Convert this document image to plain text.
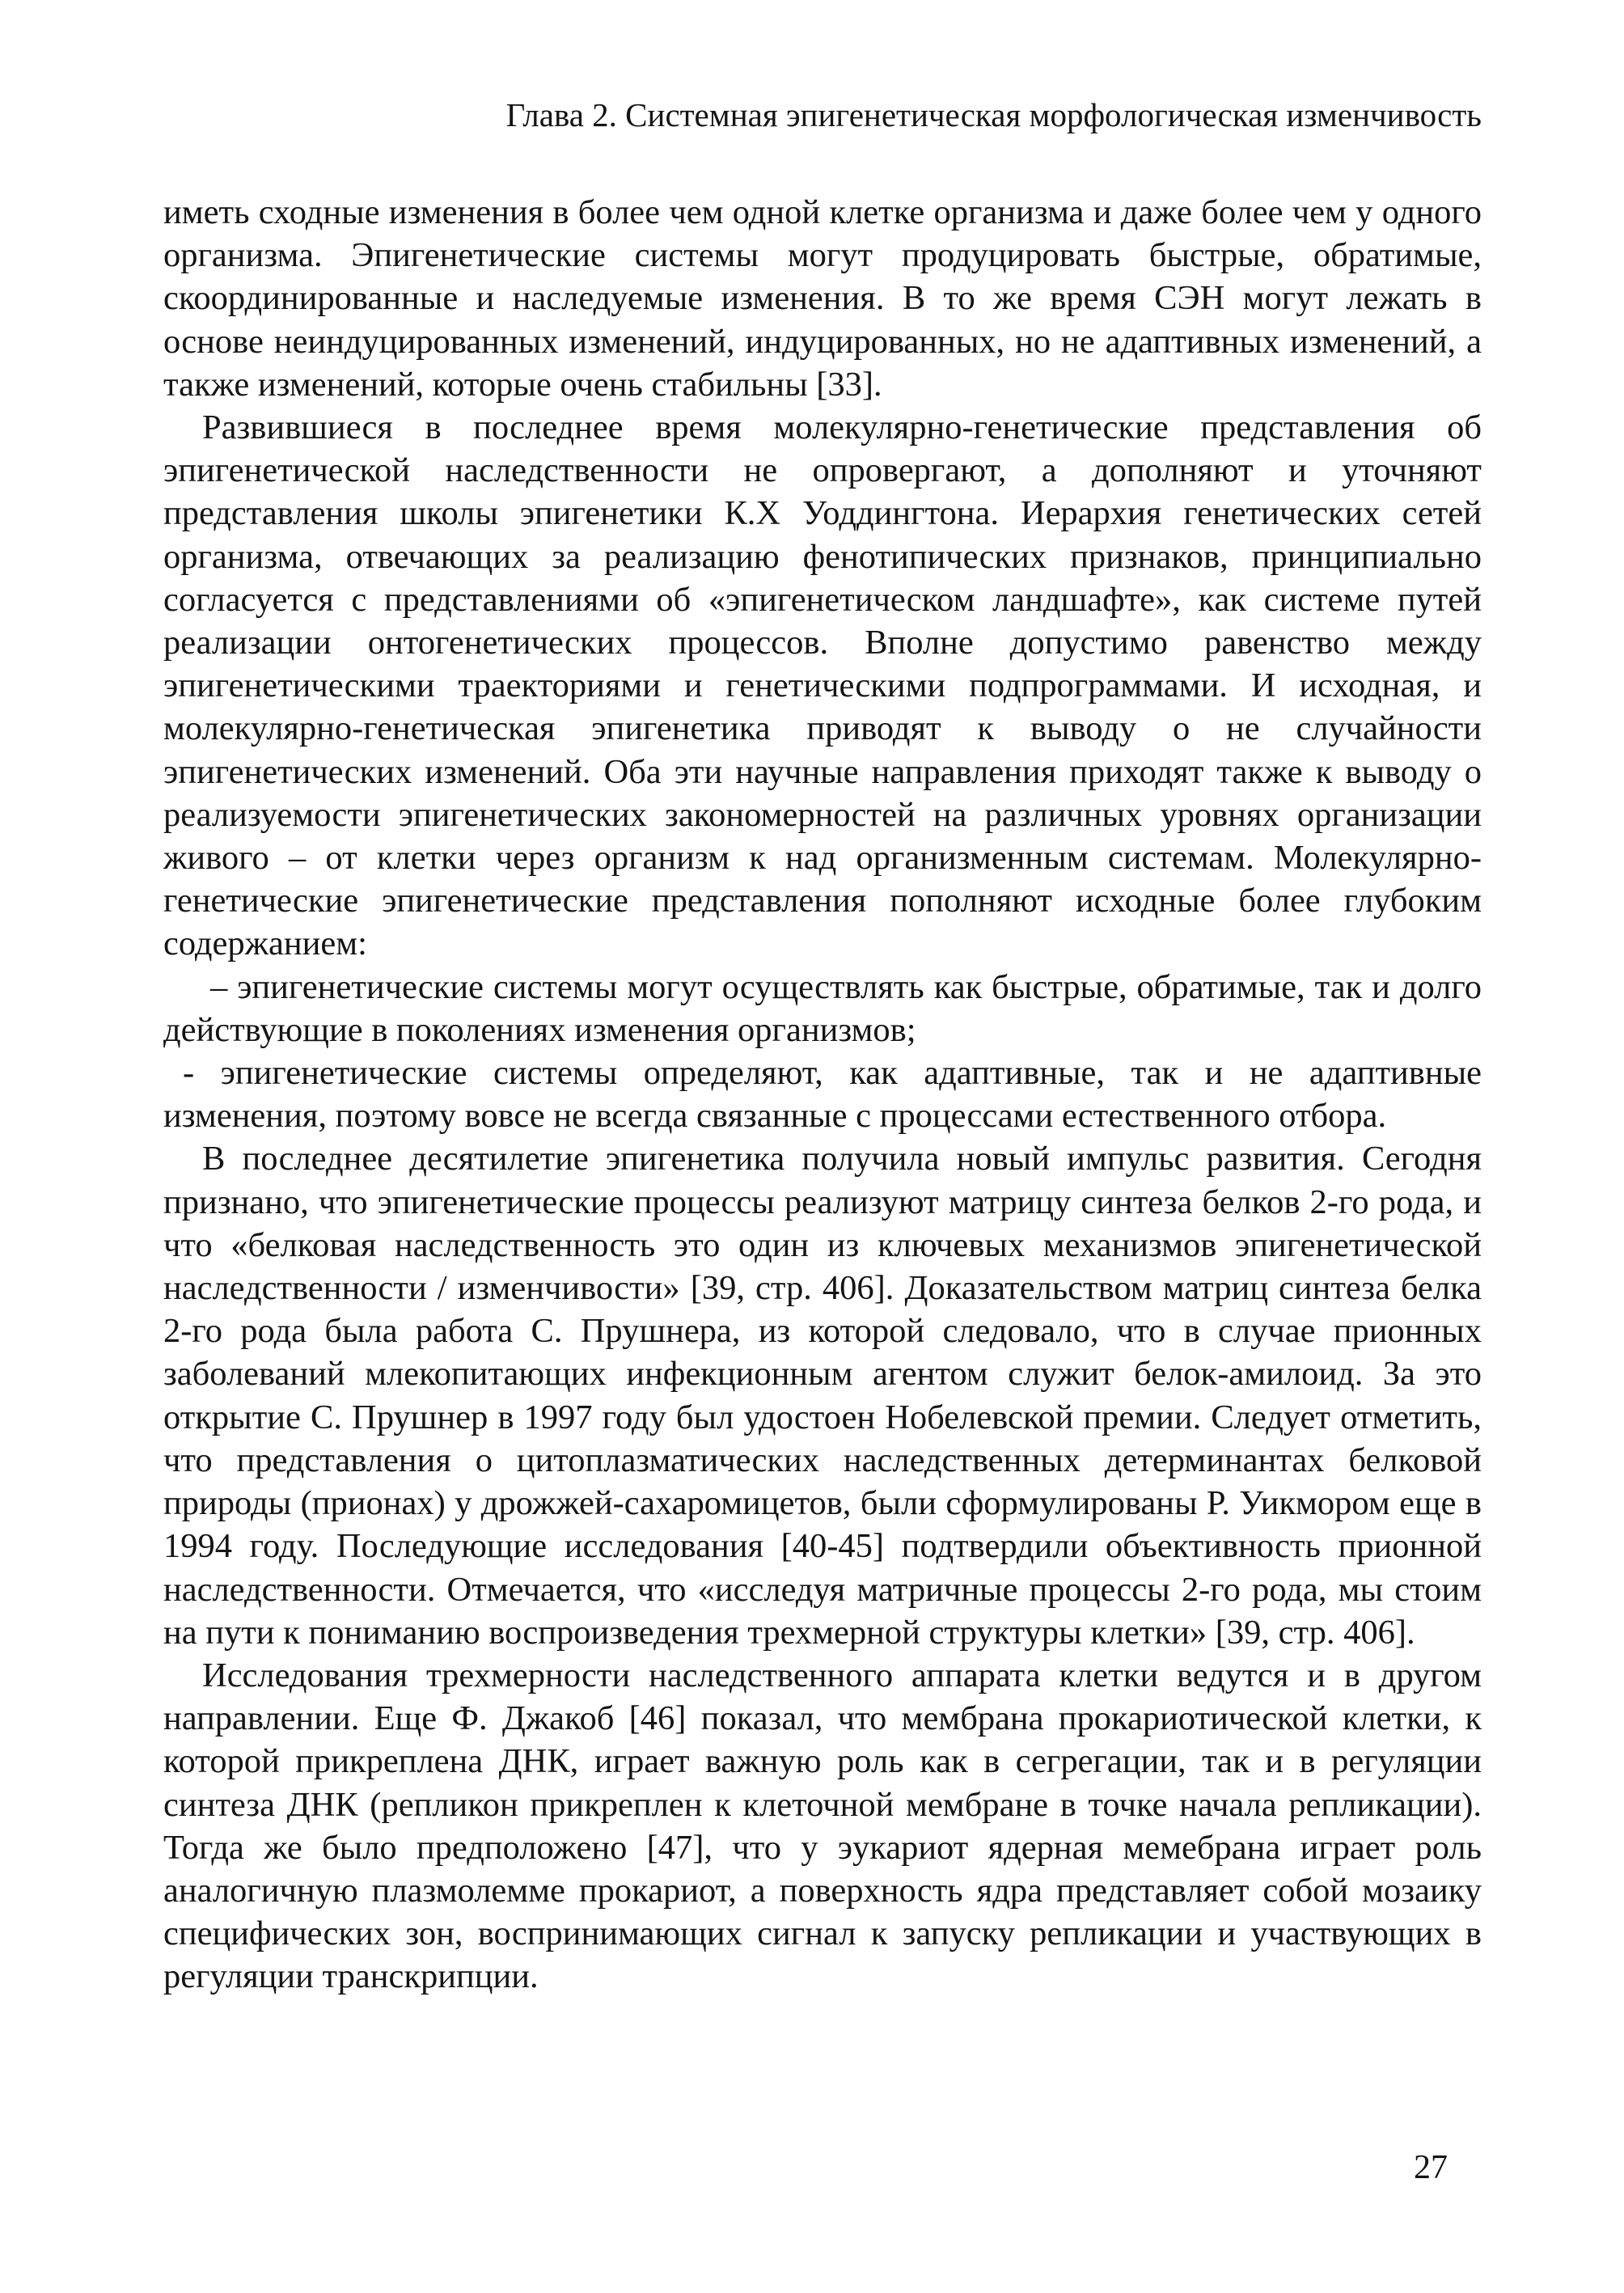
Глава 2. Системная эпигенетическая морфологическая изменчивость

иметь сходные изменения в более чем одной клетке организма и даже более чем у одного организма. Эпигенетические системы могут продуцировать быстрые, обратимые, скоординированные и наследуемые изменения. В то же время СЭН могут лежать в основе неиндуцированных изменений, индуцированных, но не адаптивных изменений, а также изменений, которые очень стабильны [33].

Развившиеся в последнее время молекулярно-генетические представления об эпигенетической наследственности не опровергают, а дополняют и уточняют представления школы эпигенетики К.Х Уоддингтона. Иерархия генетических сетей организма, отвечающих за реализацию фенотипических признаков, принципиально согласуется с представлениями об «эпигенетическом ландшафте», как системе путей реализации онтогенетических процессов. Вполне допустимо равенство между эпигенетическими траекториями и генетическими подпрограммами. И исходная, и молекулярно-генетическая эпигенетика приводят к выводу о не случайности эпигенетических изменений. Оба эти научные направления приходят также к выводу о реализуемости эпигенетических закономерностей на различных уровнях организации живого – от клетки через организм к над организменным системам. Молекулярно-генетические эпигенетические представления пополняют исходные более глубоким содержанием:

– эпигенетические системы могут осуществлять как быстрые, обратимые, так и долго действующие в поколениях изменения организмов;

- эпигенетические системы определяют, как адаптивные, так и не адаптивные изменения, поэтому вовсе не всегда связанные с процессами естественного отбора.

В последнее десятилетие эпигенетика получила новый импульс развития. Сегодня признано, что эпигенетические процессы реализуют матрицу синтеза белков 2-го рода, и что «белковая наследственность это один из ключевых механизмов эпигенетической наследственности / изменчивости» [39, стр. 406]. Доказательством матриц синтеза белка 2-го рода была работа С. Прушнера, из которой следовало, что в случае прионных заболеваний млекопитающих инфекционным агентом служит белок-амилоид. За это открытие С. Прушнер в 1997 году был удостоен Нобелевской премии. Следует отметить, что представления о цитоплазматических наследственных детерминантах белковой природы (прионах) у дрожжей-сахаромицетов, были сформулированы Р. Уикмором еще в 1994 году. Последующие исследования [40-45] подтвердили объективность прионной наследственности. Отмечается, что «исследуя матричные процессы 2-го рода, мы стоим на пути к пониманию воспроизведения трехмерной структуры клетки» [39, стр. 406].

Исследования трехмерности наследственного аппарата клетки ведутся и в другом направлении. Еще Ф. Джакоб [46] показал, что мембрана прокариотической клетки, к которой прикреплена ДНК, играет важную роль как в сегрегации, так и в регуляции синтеза ДНК (репликон прикреплен к клеточной мембране в точке начала репликации). Тогда же было предположено [47], что у эукариот ядерная мемебрана играет роль аналогичную плазмолемме прокариот, а поверхность ядра представляет собой мозаику специфических зон, воспринимающих сигнал к запуску репликации и участвующих в регуляции транскрипции.

27
